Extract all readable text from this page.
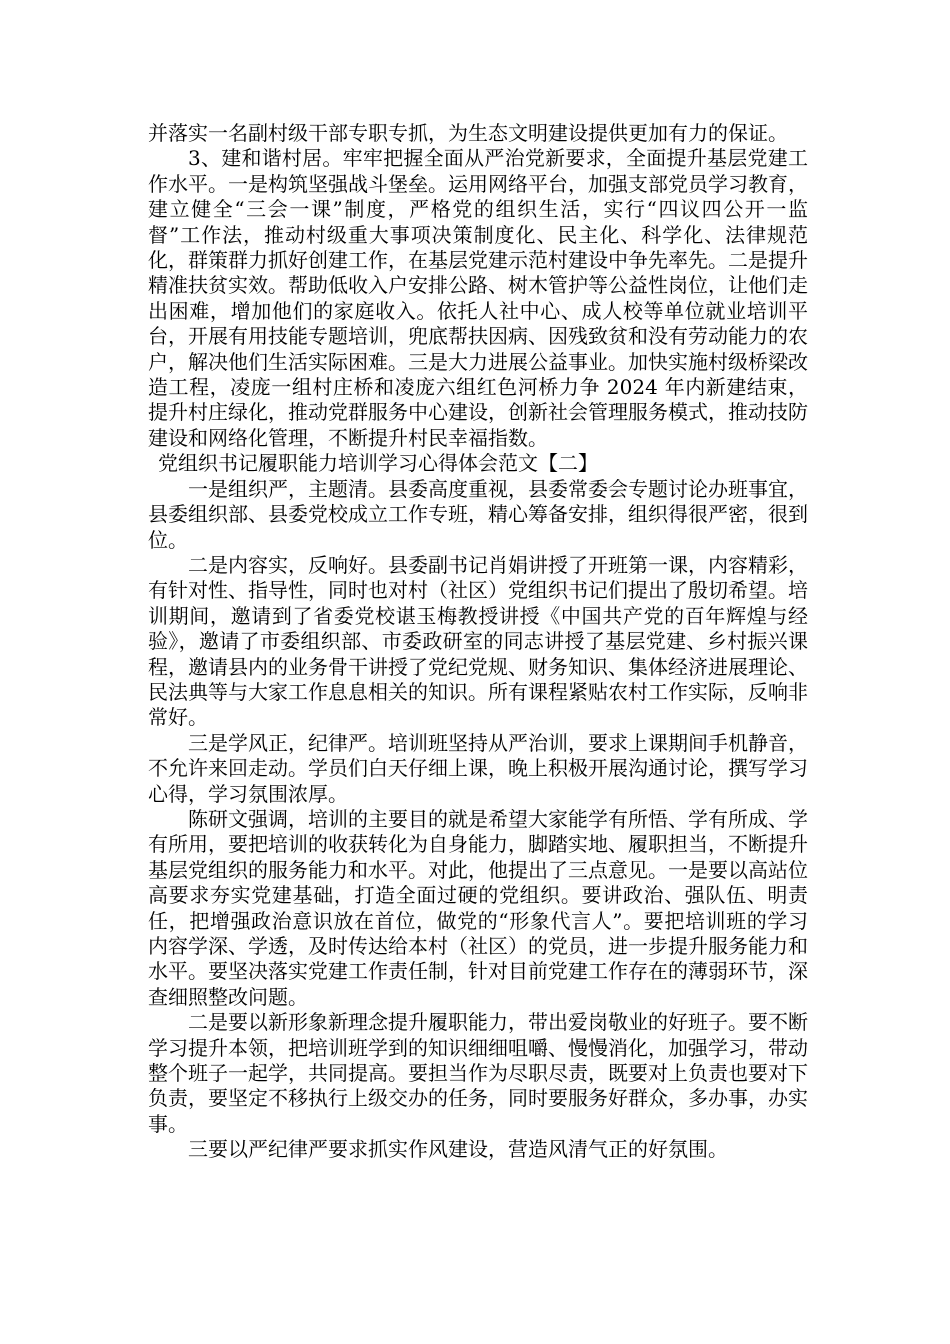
并落实一名副村级干部专职专抓，为生态文明建设提供更加有力的保证。

3、建和谐村居。牢牢把握全面从严治党新要求，全面提升基层党建工作水平。一是构筑坚强战斗堡垒。运用网络平台，加强支部党员学习教育，建立健全“三会一课”制度，严格党的组织生活，实行“四议四公开一监督”工作法，推动村级重大事项决策制度化、民主化、科学化、法律规范化，群策群力抓好创建工作，在基层党建示范村建设中争先率先。二是提升精准扶贫实效。帮助低收入户安排公路、树木管护等公益性岗位，让他们走出困难，增加他们的家庭收入。依托人社中心、成人校等单位就业培训平台，开展有用技能专题培训，兜底帮扶因病、因残致贫和没有劳动能力的农户，解决他们生活实际困难。三是大力进展公益事业。加快实施村级桥梁改造工程，凌庞一组村庄桥和凌庞六组红色河桥力争 2024 年内新建结束，提升村庄绿化，推动党群服务中心建设，创新社会管理服务模式，推动技防建设和网络化管理，不断提升村民幸福指数。

党组织书记履职能力培训学习心得体会范文【二】

一是组织严，主题清。县委高度重视，县委常委会专题讨论办班事宜，县委组织部、县委党校成立工作专班，精心筹备安排，组织得很严密，很到位。

二是内容实，反响好。县委副书记肖娟讲授了开班第一课，内容精彩，有针对性、指导性，同时也对村（社区）党组织书记们提出了殷切希望。培训期间，邀请到了省委党校谌玉梅教授讲授《中国共产党的百年辉煌与经验》，邀请了市委组织部、市委政研室的同志讲授了基层党建、乡村振兴课程，邀请县内的业务骨干讲授了党纪党规、财务知识、集体经济进展理论、民法典等与大家工作息息相关的知识。所有课程紧贴农村工作实际，反响非常好。

三是学风正，纪律严。培训班坚持从严治训，要求上课期间手机静音，不允许来回走动。学员们白天仔细上课，晚上积极开展沟通讨论，撰写学习心得，学习氛围浓厚。

陈研文强调，培训的主要目的就是希望大家能学有所悟、学有所成、学有所用，要把培训的收获转化为自身能力，脚踏实地、履职担当，不断提升基层党组织的服务能力和水平。对此，他提出了三点意见。一是要以高站位高要求夯实党建基础，打造全面过硬的党组织。要讲政治、强队伍、明责任，把增强政治意识放在首位，做党的“形象代言人”。要把培训班的学习内容学深、学透，及时传达给本村（社区）的党员，进一步提升服务能力和水平。要坚决落实党建工作责任制，针对目前党建工作存在的薄弱环节，深查细照整改问题。

二是要以新形象新理念提升履职能力，带出爱岗敬业的好班子。要不断学习提升本领，把培训班学到的知识细细咀嚼、慢慢消化，加强学习，带动整个班子一起学，共同提高。要担当作为尽职尽责，既要对上负责也要对下负责，要坚定不移执行上级交办的任务，同时要服务好群众，多办事，办实事。

三要以严纪律严要求抓实作风建设，营造风清气正的好氛围。
